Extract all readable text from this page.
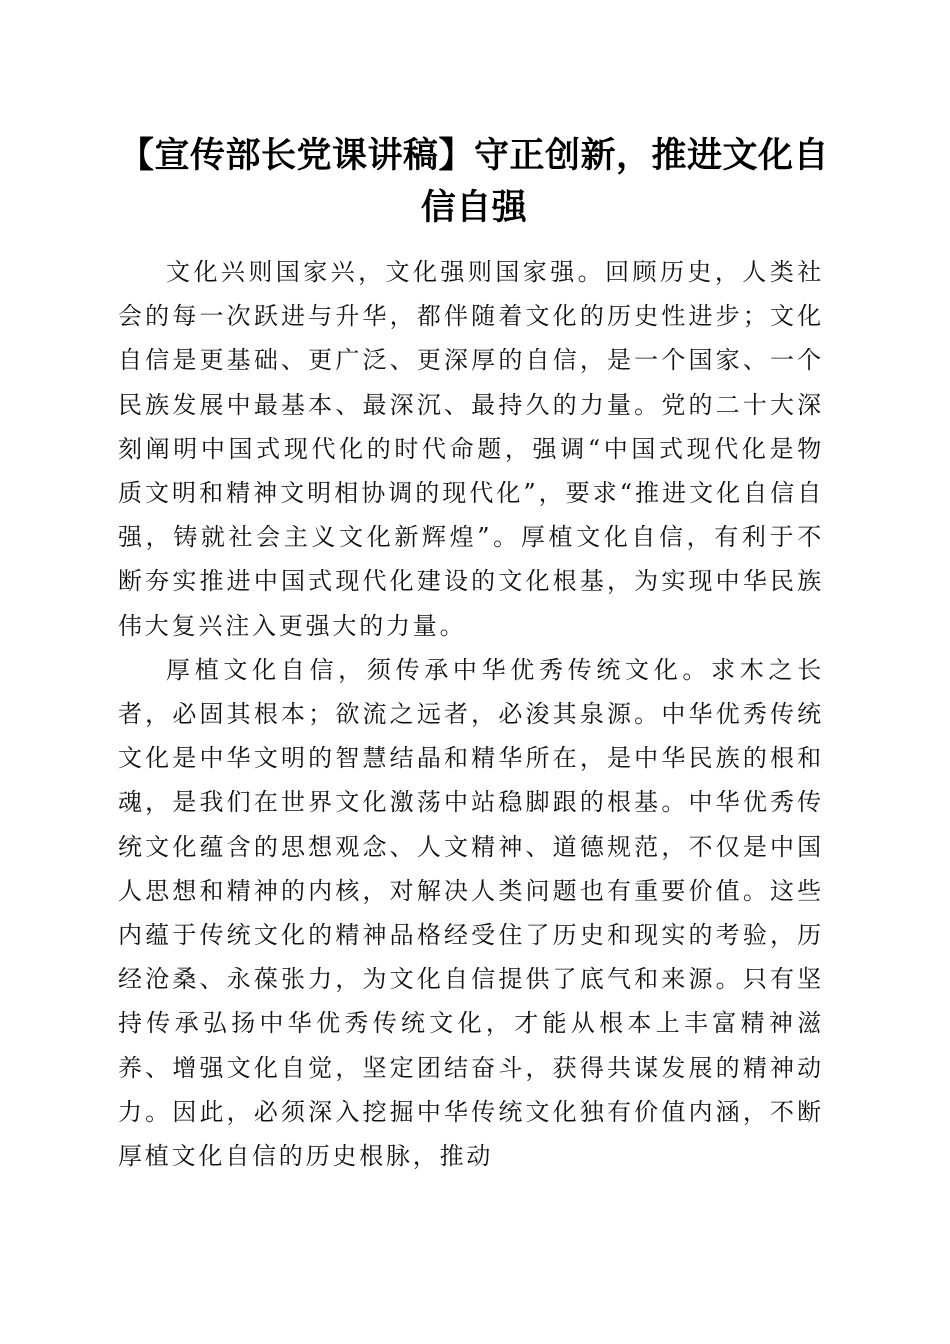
【宣传部长党课讲稿】守正创新，推进文化自信自强

文化兴则国家兴，文化强则国家强。回顾历史，人类社会的每一次跃进与升华，都伴随着文化的历史性进步；文化自信是更基础、更广泛、更深厚的自信，是一个国家、一个民族发展中最基本、最深沉、最持久的力量。党的二十大深刻阐明中国式现代化的时代命题，强调“中国式现代化是物质文明和精神文明相协调的现代化”，要求“推进文化自信自强，铸就社会主义文化新辉煌”。厚植文化自信，有利于不断夯实推进中国式现代化建设的文化根基，为实现中华民族伟大复兴注入更强大的力量。

厚植文化自信，须传承中华优秀传统文化。求木之长者，必固其根本；欲流之远者，必浚其泉源。中华优秀传统文化是中华文明的智慧结晶和精华所在，是中华民族的根和魂，是我们在世界文化激荡中站稳脚跟的根基。中华优秀传统文化蕴含的思想观念、人文精神、道德规范，不仅是中国人思想和精神的内核，对解决人类问题也有重要价值。这些内蕴于传统文化的精神品格经受住了历史和现实的考验，历经沧桑、永葆张力，为文化自信提供了底气和来源。只有坚持传承弘扬中华优秀传统文化，才能从根本上丰富精神滋养、增强文化自觉，坚定团结奋斗，获得共谋发展的精神动力。因此，必须深入挖掘中华传统文化独有价值内涵，不断厚植文化自信的历史根脉，推动
